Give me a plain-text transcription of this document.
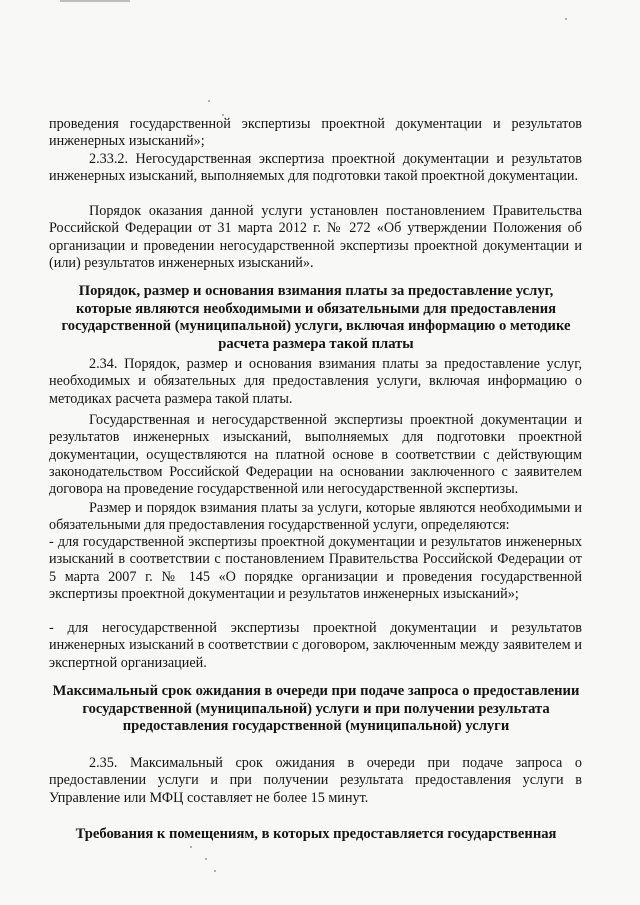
проведения государственной экспертизы проектной документации и результатов инженерных изысканий»;

2.33.2. Негосударственная экспертиза проектной документации и результатов инженерных изысканий, выполняемых для подготовки такой проектной документации.

Порядок оказания данной услуги установлен постановлением Правительства Российской Федерации от 31 марта 2012 г. № 272 «Об утверждении Положения об организации и проведении негосударственной экспертизы проектной документации и (или) результатов инженерных изысканий».

Порядок, размер и основания взимания платы за предоставление услуг, которые являются необходимыми и обязательными для предоставления государственной (муниципальной) услуги, включая информацию о методике расчета размера такой платы

2.34. Порядок, размер и основания взимания платы за предоставление услуг, необходимых и обязательных для предоставления услуги, включая информацию о методиках расчета размера такой платы.

Государственная и негосударственной экспертизы проектной документации и результатов инженерных изысканий, выполняемых для подготовки проектной документации, осуществляются на платной основе в соответствии с действующим законодательством Российской Федерации на основании заключенного с заявителем договора на проведение государственной или негосударственной экспертизы.

Размер и порядок взимания платы за услуги, которые являются необходимыми и обязательными для предоставления государственной услуги, определяются:

- для государственной экспертизы проектной документации и результатов инженерных изысканий в соответствии с постановлением Правительства Российской Федерации от 5 марта 2007 г. № 145 «О порядке организации и проведения государственной экспертизы проектной документации и результатов инженерных изысканий»;

- для негосударственной экспертизы проектной документации и результатов инженерных изысканий в соответствии с договором, заключенным между заявителем и экспертной организацией.

Максимальный срок ожидания в очереди при подаче запроса о предоставлении государственной (муниципальной) услуги и при получении результата предоставления государственной (муниципальной) услуги

2.35. Максимальный срок ожидания в очереди при подаче запроса о предоставлении услуги и при получении результата предоставления услуги в Управление или МФЦ составляет не более 15 минут.

Требования к помещениям, в которых предоставляется государственная
